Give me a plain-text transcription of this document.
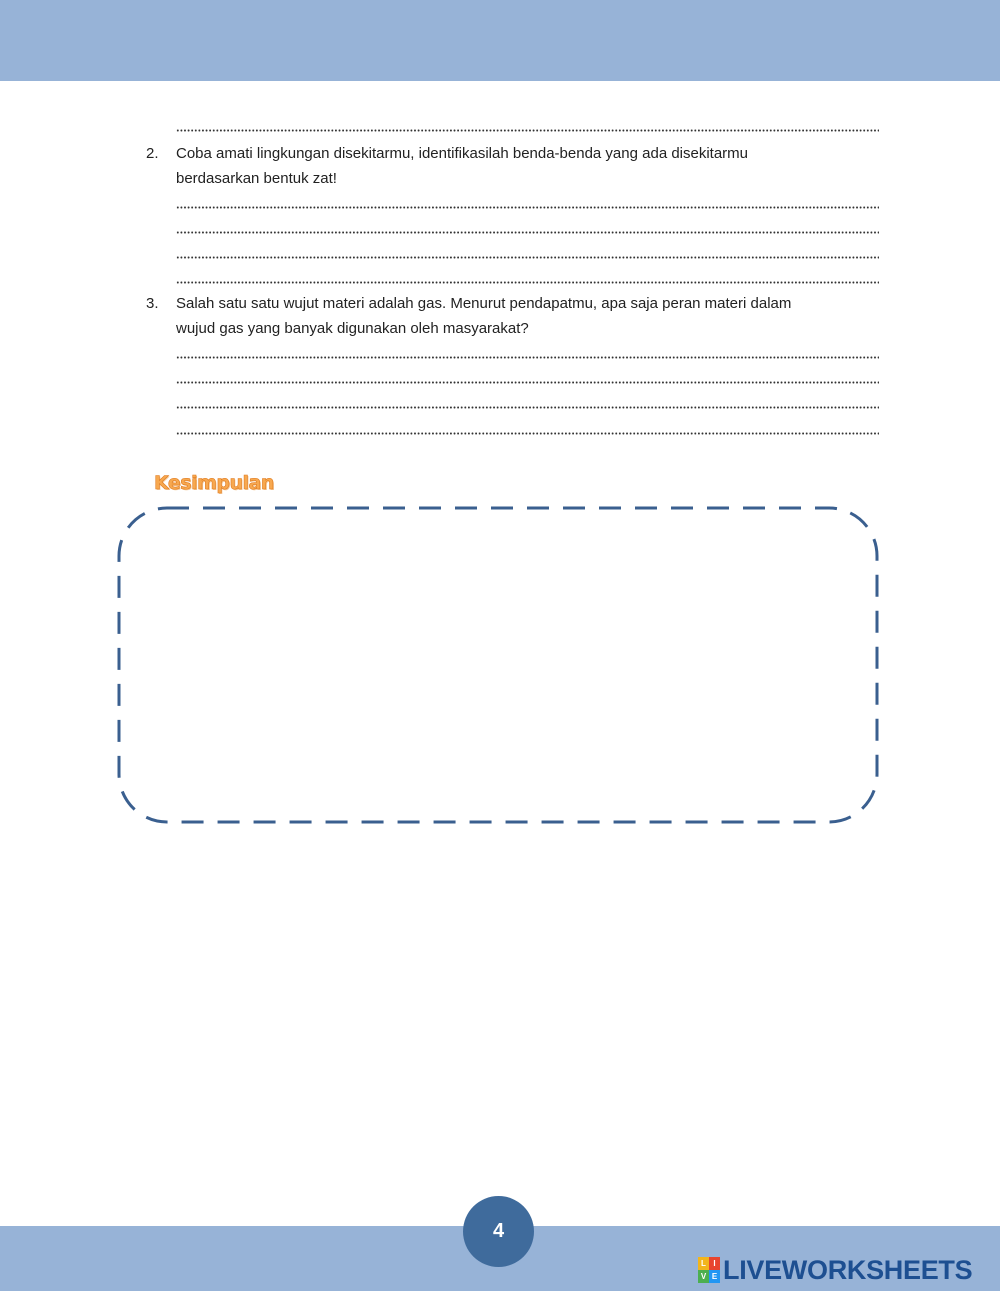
2. Coba amati lingkungan disekitarmu, identifikasilah benda-benda yang ada disekitarmu
berdasarkan bentuk zat!
3. Salah satu satu wujut materi adalah gas. Menurut pendapatmu, apa saja peran materi dalam
wujud gas yang banyak digunakan oleh masyarakat?
Kesimpulan
4
L I
V E LIVEWORKSHEETS
